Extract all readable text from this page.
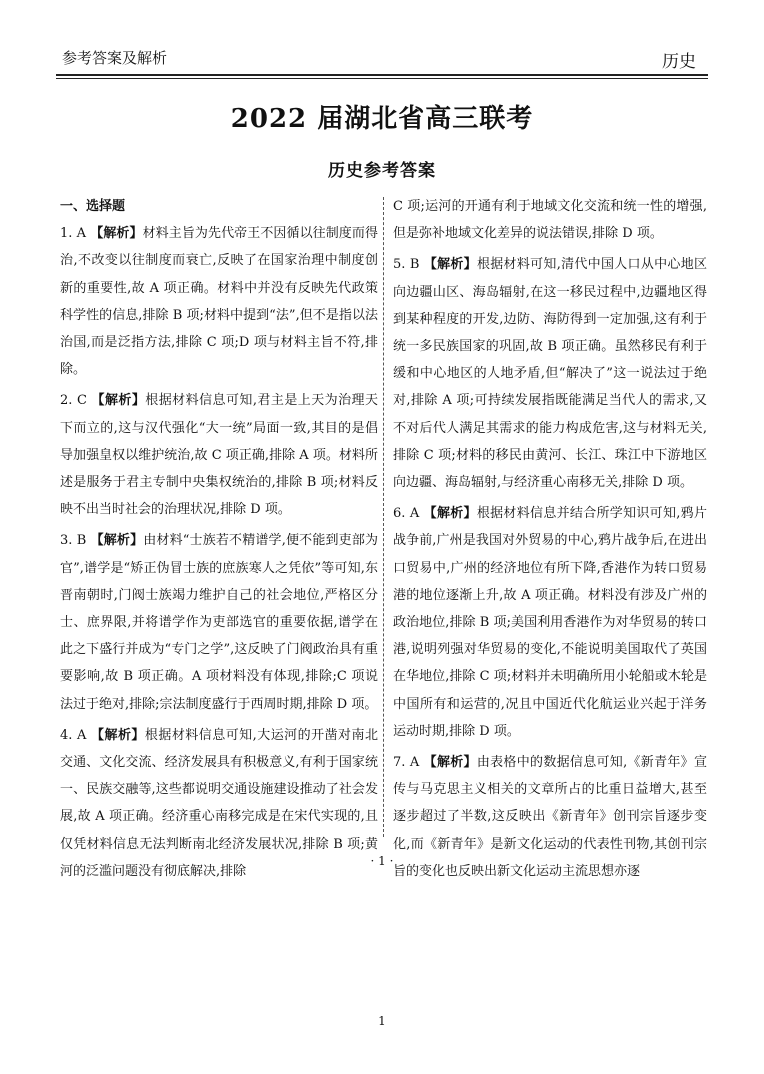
参考答案及解析	历史
2022 届湖北省高三联考
历史参考答案
一、选择题
1. A 【解析】材料主旨为先代帝王不因循以往制度而得治,不改变以往制度而衰亡,反映了在国家治理中制度创新的重要性,故 A 项正确。材料中并没有反映先代政策科学性的信息,排除 B 项;材料中提到“法”,但不是指以法治国,而是泛指方法,排除 C 项;D 项与材料主旨不符,排除。
2. C 【解析】根据材料信息可知,君主是上天为治理天下而立的,这与汉代强化“大一统”局面一致,其目的是倡导加强皇权以维护统治,故 C 项正确,排除 A 项。材料所述是服务于君主专制中央集权统治的,排除 B 项;材料反映不出当时社会的治理状况,排除 D 项。
3. B 【解析】由材料“士族若不精谱学,便不能到吏部为官”,谱学是“矫正伪冒士族的庶族寒人之凭依”等可知,东晋南朝时,门阀士族竭力维护自己的社会地位,严格区分士、庶界限,并将谱学作为吏部选官的重要依据,谱学在此之下盛行并成为“专门之学”,这反映了门阀政治具有重要影响,故 B 项正确。A 项材料没有体现,排除;C 项说法过于绝对,排除;宗法制度盛行于西周时期,排除 D 项。
4. A 【解析】根据材料信息可知,大运河的开凿对南北交通、文化交流、经济发展具有积极意义,有利于国家统一、民族交融等,这些都说明交通设施建设推动了社会发展,故 A 项正确。经济重心南移完成是在宋代实现的,且仅凭材料信息无法判断南北经济发展状况,排除 B 项;黄河的泛滥问题没有彻底解决,排除
C 项;运河的开通有利于地域文化交流和统一性的增强,但是弥补地域文化差异的说法错误,排除 D 项。
5. B 【解析】根据材料可知,清代中国人口从中心地区向边疆山区、海岛辐射,在这一移民过程中,边疆地区得到某种程度的开发,边防、海防得到一定加强,这有利于统一多民族国家的巩固,故 B 项正确。虽然移民有利于缓和中心地区的人地矛盾,但“解决了”这一说法过于绝对,排除 A 项;可持续发展指既能满足当代人的需求,又不对后代人满足其需求的能力构成危害,这与材料无关,排除 C 项;材料的移民由黄河、长江、珠江中下游地区向边疆、海岛辐射,与经济重心南移无关,排除 D 项。
6. A 【解析】根据材料信息并结合所学知识可知,鸦片战争前,广州是我国对外贸易的中心,鸦片战争后,在进出口贸易中,广州的经济地位有所下降,香港作为转口贸易港的地位逐渐上升,故 A 项正确。材料没有涉及广州的政治地位,排除 B 项;美国利用香港作为对华贸易的转口港,说明列强对华贸易的变化,不能说明美国取代了英国在华地位,排除 C 项;材料并未明确所用小轮船或木轮是中国所有和运营的,况且中国近代化航运业兴起于洋务运动时期,排除 D 项。
7. A 【解析】由表格中的数据信息可知,《新青年》宣传与马克思主义相关的文章所占的比重日益增大,甚至逐步超过了半数,这反映出《新青年》创刊宗旨逐步变化,而《新青年》是新文化运动的代表性刊物,其创刊宗旨的变化也反映出新文化运动主流思想亦逐
· 1 ·
1
